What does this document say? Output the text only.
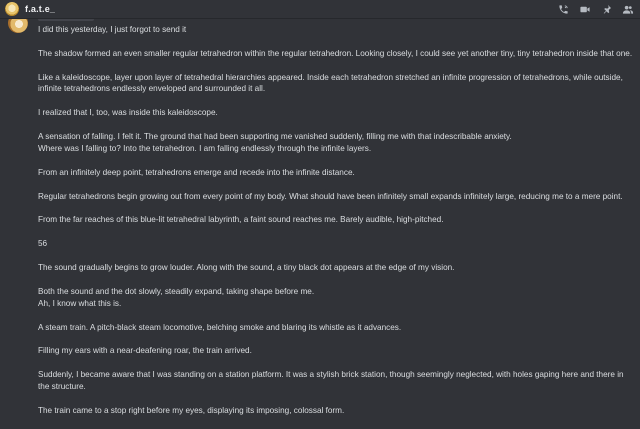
f.a.t.e_
I did this yesterday, I just forgot to send it
The shadow formed an even smaller regular tetrahedron within the regular tetrahedron. Looking closely, I could see yet another tiny, tiny tetrahedron inside that one.
Like a kaleidoscope, layer upon layer of tetrahedral hierarchies appeared. Inside each tetrahedron stretched an infinite progression of tetrahedrons, while outside, infinite tetrahedrons endlessly enveloped and surrounded it all.
I realized that I, too, was inside this kaleidoscope.
A sensation of falling. I felt it. The ground that had been supporting me vanished suddenly, filling me with that indescribable anxiety.
Where was I falling to? Into the tetrahedron. I am falling endlessly through the infinite layers.
From an infinitely deep point, tetrahedrons emerge and recede into the infinite distance.
Regular tetrahedrons begin growing out from every point of my body. What should have been infinitely small expands infinitely large, reducing me to a mere point.
From the far reaches of this blue-lit tetrahedral labyrinth, a faint sound reaches me. Barely audible, high-pitched.
56
The sound gradually begins to grow louder. Along with the sound, a tiny black dot appears at the edge of my vision.
Both the sound and the dot slowly, steadily expand, taking shape before me.
Ah, I know what this is.
A steam train. A pitch-black steam locomotive, belching smoke and blaring its whistle as it advances.
Filling my ears with a near-deafening roar, the train arrived.
Suddenly, I became aware that I was standing on a station platform. It was a stylish brick station, though seemingly neglected, with holes gaping here and there in the structure.
The train came to a stop right before my eyes, displaying its imposing, colossal form.
